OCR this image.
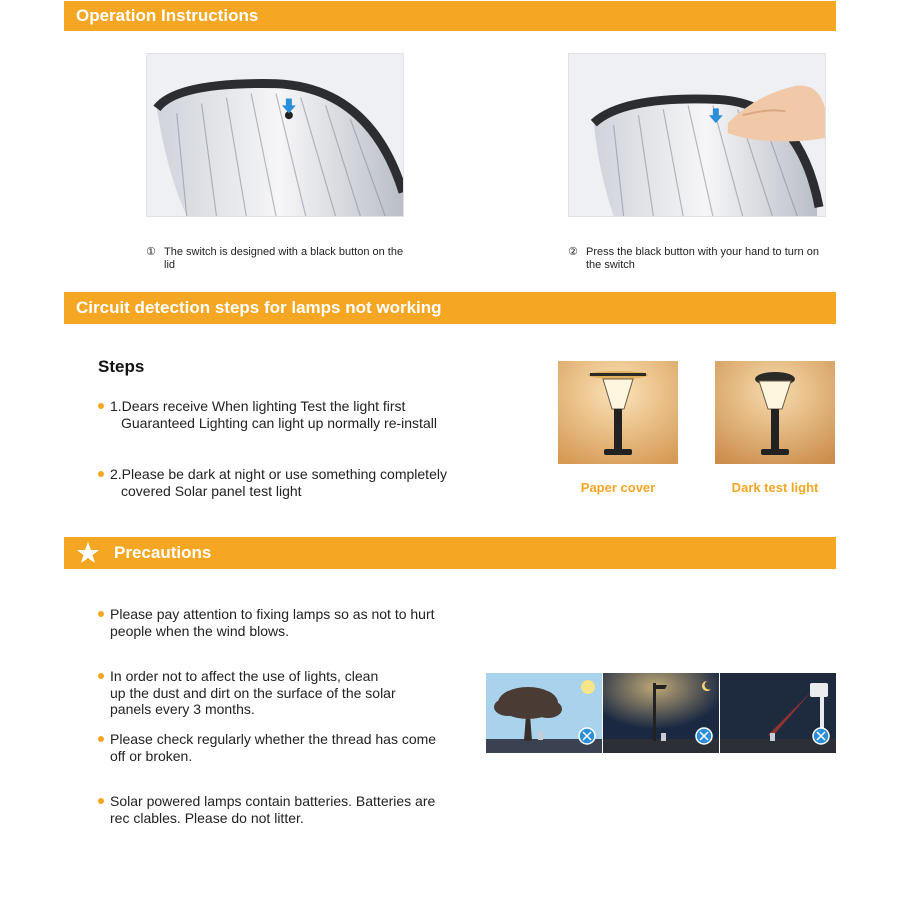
Operation Instructions
① The switch is designed with a black button on the lid
② Press the black button with your hand to turn on the switch
Circuit detection steps for lamps not working
Steps
1.Dears receive When lighting Test the light first
Guaranteed Lighting can light up normally re-install
2.Please be dark at night or use something completely
covered Solar panel test light	Paper cover	Dark test light
Precautions
Please pay attention to fixing lamps so as not to hurt
people when the wind blows.
In order not to affect the use of lights, clean
up the dust and dirt on the surface of the solar
panels every 3 months.
Please check regularly whether the thread has come
off or broken.
Solar powered lamps contain batteries. Batteries are
rec clables. Please do not litter.
